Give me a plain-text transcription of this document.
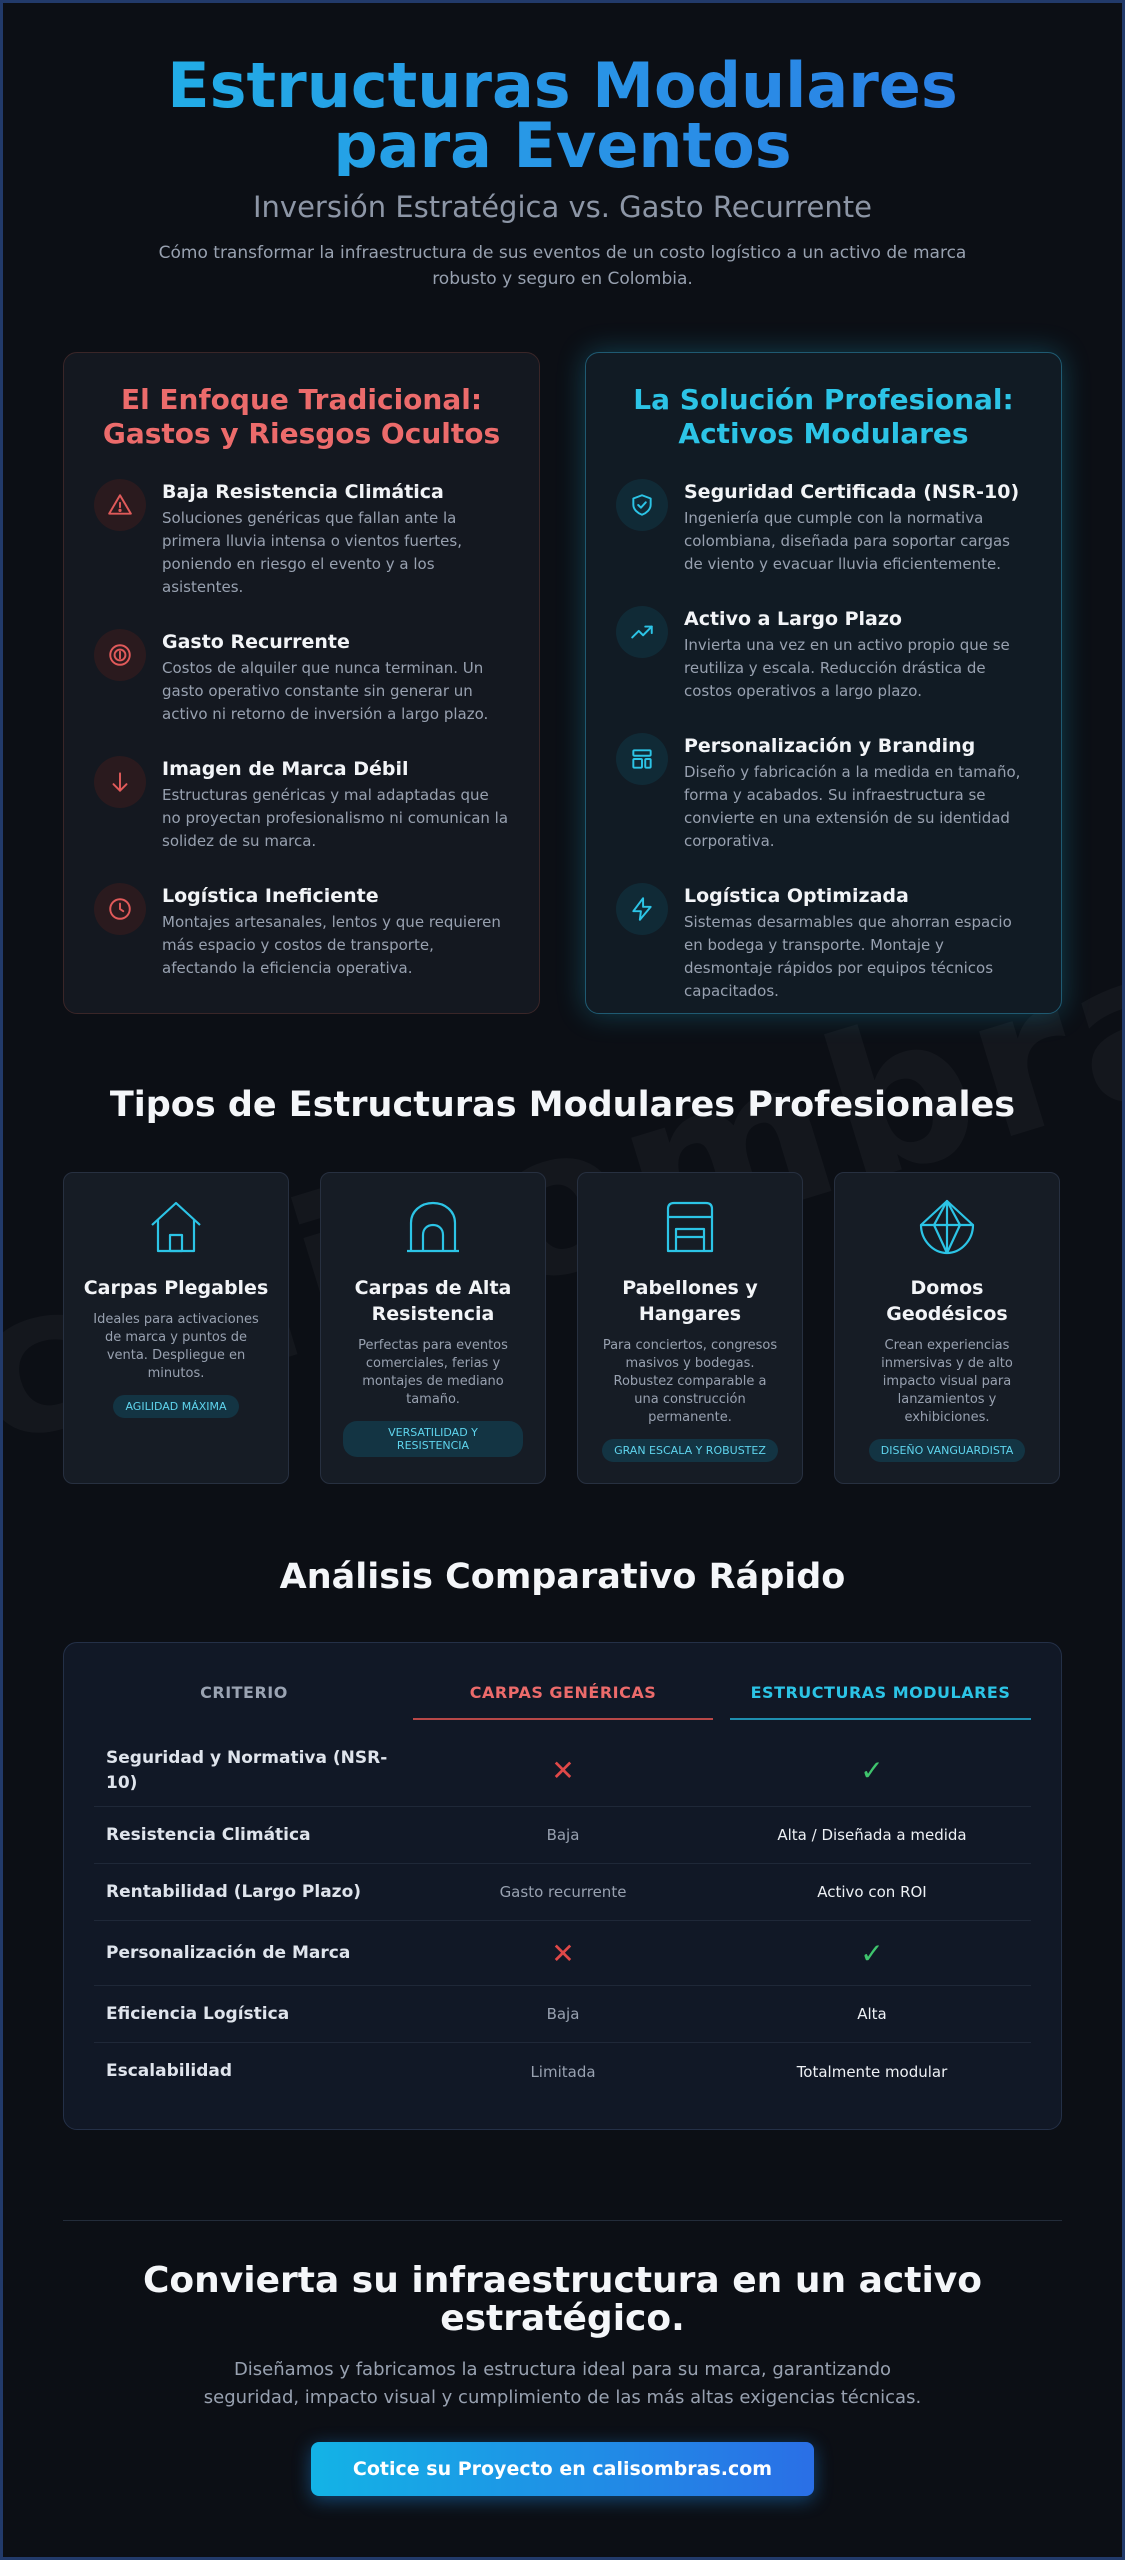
Estructuras Modulares para Eventos
Inversión Estratégica vs. Gasto Recurrente

Cómo transformar la infraestructura de sus eventos de un costo logístico a un activo de marca robusto y seguro en Colombia.

El Enfoque Tradicional: Gastos y Riesgos Ocultos
Baja Resistencia Climática
Soluciones genéricas que fallan ante la primera lluvia intensa o vientos fuertes, poniendo en riesgo el evento y a los asistentes.
Gasto Recurrente
Costos de alquiler que nunca terminan. Un gasto operativo constante sin generar un activo ni retorno de inversión a largo plazo.
Imagen de Marca Débil
Estructuras genéricas y mal adaptadas que no proyectan profesionalismo ni comunican la solidez de su marca.
Logística Ineficiente
Montajes artesanales, lentos y que requieren más espacio y costos de transporte, afectando la eficiencia operativa.
La Solución Profesional: Activos Modulares
Seguridad Certificada (NSR-10)
Ingeniería que cumple con la normativa colombiana, diseñada para soportar cargas de viento y evacuar lluvia eficientemente.
Activo a Largo Plazo
Invierta una vez en un activo propio que se reutiliza y escala. Reducción drástica de costos operativos a largo plazo.
Personalización y Branding
Diseño y fabricación a la medida en tamaño, forma y acabados. Su infraestructura se convierte en una extensión de su identidad corporativa.
Logística Optimizada
Sistemas desarmables que ahorran espacio en bodega y transporte. Montaje y desmontaje rápidos por equipos técnicos capacitados.
Tipos de Estructuras Modulares Profesionales
Carpas Plegables
Ideales para activaciones de marca y puntos de venta. Despliegue en minutos.
AGILIDAD MÁXIMA
Carpas de Alta Resistencia
Perfectas para eventos comerciales, ferias y montajes de mediano tamaño.
VERSATILIDAD Y RESISTENCIA
Pabellones y Hangares
Para conciertos, congresos masivos y bodegas. Robustez comparable a una construcción permanente.
GRAN ESCALA Y ROBUSTEZ
Domos Geodésicos
Crean experiencias inmersivas y de alto impacto visual para lanzamientos y exhibiciones.
DISEÑO VANGUARDISTA
Análisis Comparativo Rápido
CRITERIO	CARPAS GENÉRICAS	ESTRUCTURAS MODULARES
Seguridad y Normativa (NSR-10)	✕	✓
Resistencia Climática	Baja	Alta / Diseñada a medida
Rentabilidad (Largo Plazo)	Gasto recurrente	Activo con ROI
Personalización de Marca	✕	✓
Eficiencia Logística	Baja	Alta
Escalabilidad	Limitada	Totalmente modular
Convierta su infraestructura en un activo estratégico.

Diseñamos y fabricamos la estructura ideal para su marca, garantizando seguridad, impacto visual y cumplimiento de las más altas exigencias técnicas.

Cotice su Proyecto en calisombras.com
